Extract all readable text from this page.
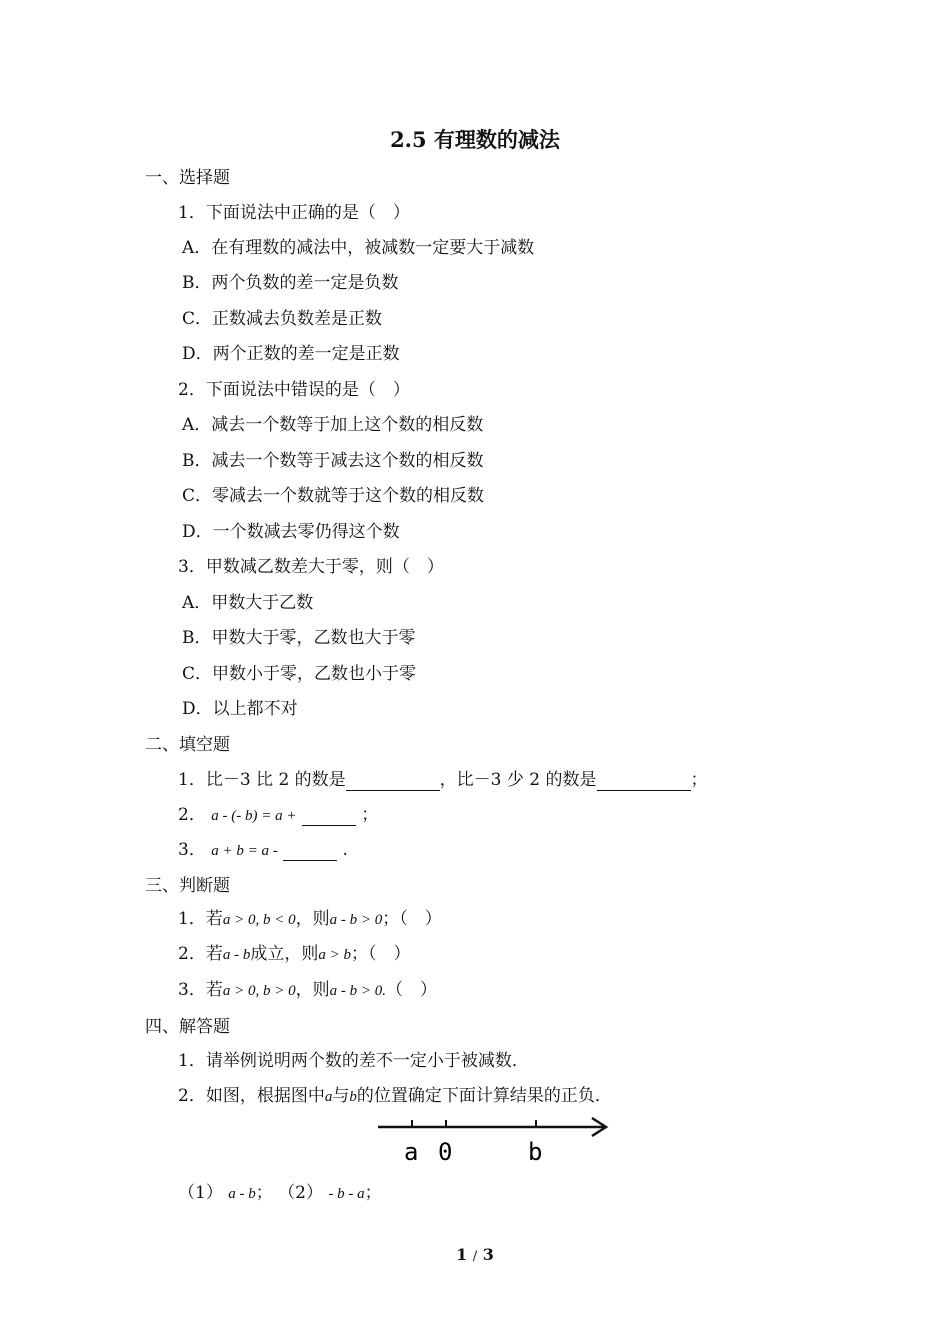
2.5 有理数的减法
一、选择题
1．下面说法中正确的是（　）
A．在有理数的减法中，被减数一定要大于减数
B．两个负数的差一定是负数
C．正数减去负数差是正数
D．两个正数的差一定是正数
2．下面说法中错误的是（　）
A．减去一个数等于加上这个数的相反数
B．减去一个数等于减去这个数的相反数
C．零减去一个数就等于这个数的相反数
D．一个数减去零仍得这个数
3．甲数减乙数差大于零，则（　）
A．甲数大于乙数
B．甲数大于零，乙数也大于零
C．甲数小于零，乙数也小于零
D．以上都不对
二、填空题
1．比－3 比 2 的数是	，比－3 少 2 的数是	；
2． a - (- b) = a +	；
3． a + b = a -	.
三、判断题
1．若a > 0, b < 0，则a - b > 0；（　）
2．若a - b成立，则a > b；（　）
3．若a > 0, b > 0，则a - b > 0.（　）
四、解答题
1．请举例说明两个数的差不一定小于被减数．
2．如图，根据图中a与b的位置确定下面计算结果的正负．
a 0	b
（1） a - b； （2） - b - a；
1 / 3
